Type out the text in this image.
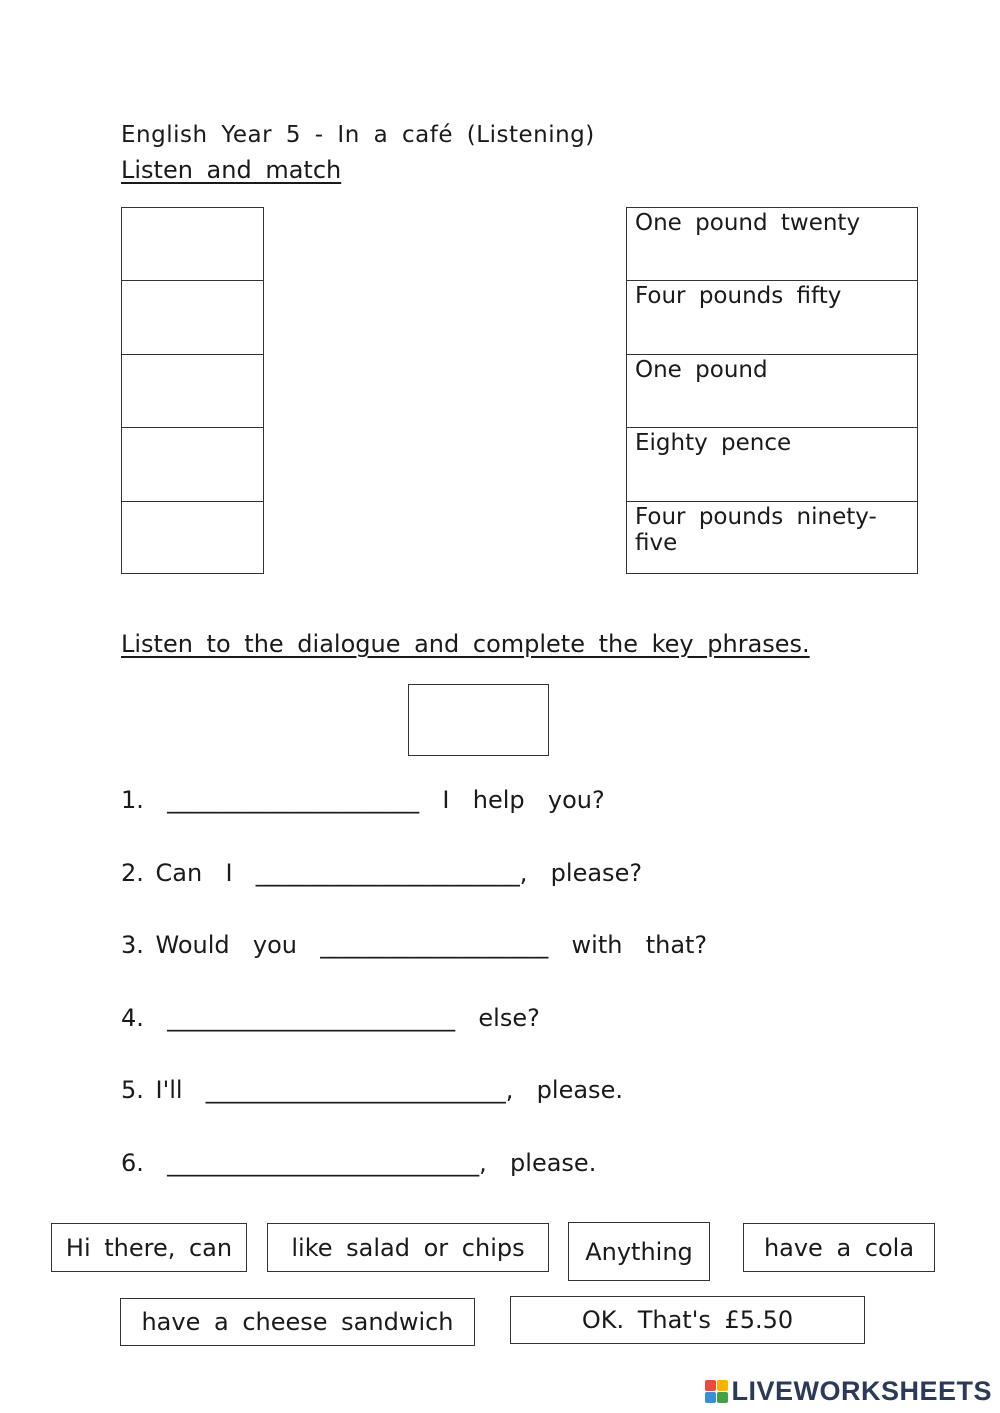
English Year 5 - In a café (Listening)
Listen and match
One pound twenty
Four pounds fifty
One pound
Eighty pence
Four pounds ninety-five
Listen to the dialogue and complete the key phrases.
1.  _____________________  I  help  you?
2. Can  I  ______________________,  please?
3. Would  you  ___________________  with  that?
4.  ________________________  else?
5. I'll  _________________________,  please.
6.  __________________________,  please.
Hi there, can	like salad or chips	Anything	have a cola
have a cheese sandwich	OK. That's £5.50
LIVEWORKSHEETS
